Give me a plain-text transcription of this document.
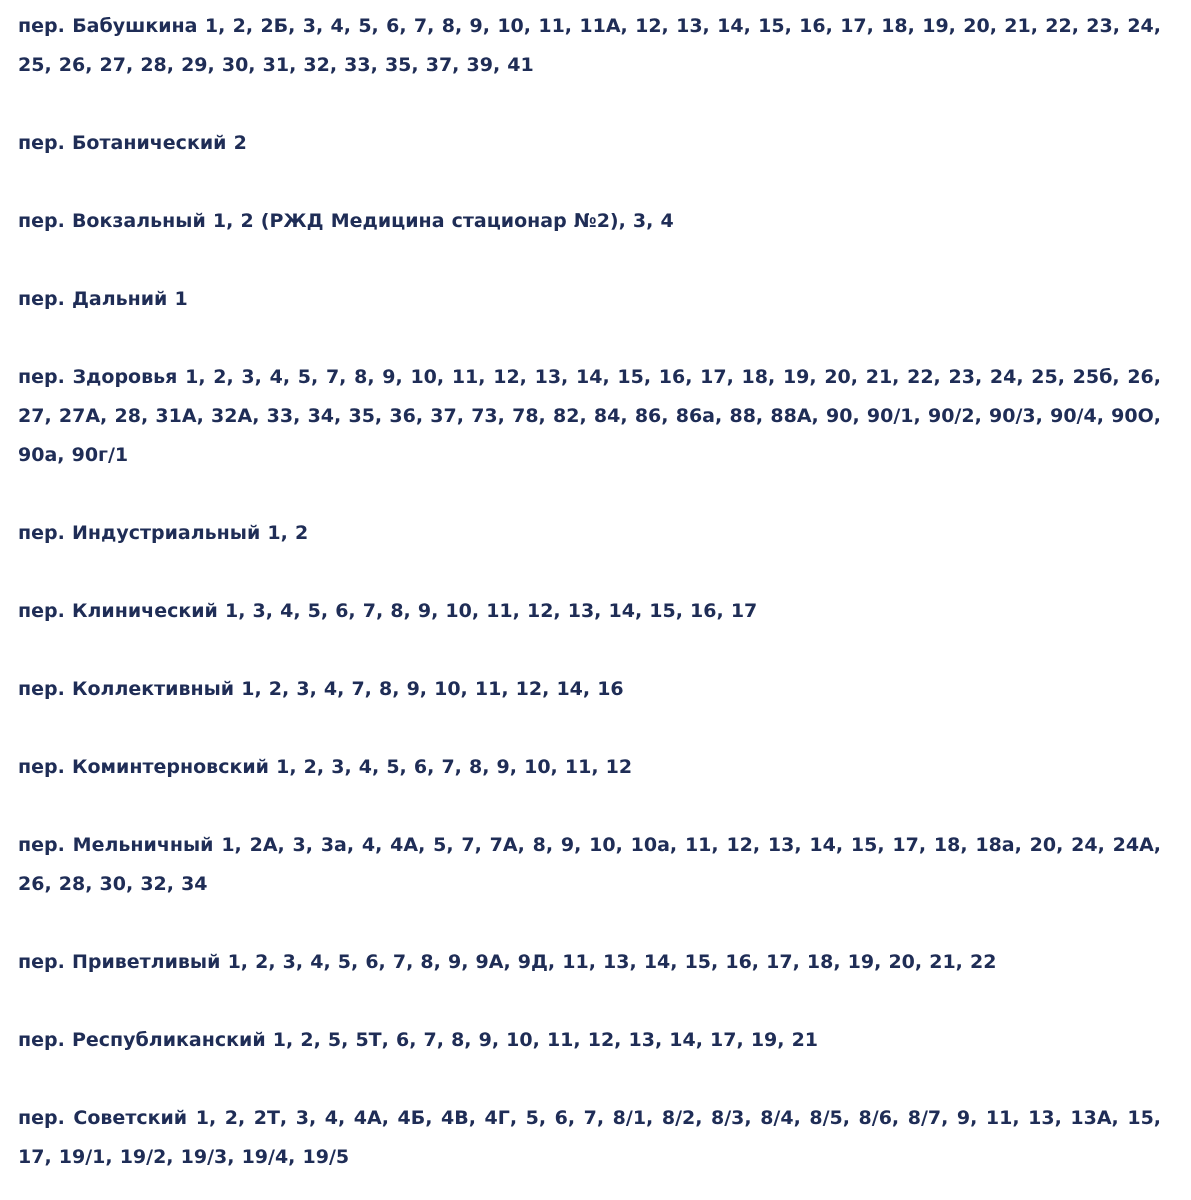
пер. Бабушкина 1, 2, 2Б, 3, 4, 5, 6, 7, 8, 9, 10, 11, 11А, 12, 13, 14, 15, 16, 17, 18, 19, 20, 21, 22, 23, 24, 25, 26, 27, 28, 29, 30, 31, 32, 33, 35, 37, 39, 41

пер. Ботанический 2

пер. Вокзальный 1, 2 (РЖД Медицина стационар №2), 3, 4

пер. Дальний 1

пер. Здоровья 1, 2, 3, 4, 5, 7, 8, 9, 10, 11, 12, 13, 14, 15, 16, 17, 18, 19, 20, 21, 22, 23, 24, 25, 25б, 26, 27, 27А, 28, 31А, 32А, 33, 34, 35, 36, 37, 73, 78, 82, 84, 86, 86а, 88, 88А, 90, 90/1, 90/2, 90/3, 90/4, 90О, 90а, 90г/1

пер. Индустриальный 1, 2

пер. Клинический 1, 3, 4, 5, 6, 7, 8, 9, 10, 11, 12, 13, 14, 15, 16, 17

пер. Коллективный 1, 2, 3, 4, 7, 8, 9, 10, 11, 12, 14, 16

пер. Коминтерновский 1, 2, 3, 4, 5, 6, 7, 8, 9, 10, 11, 12

пер. Мельничный 1, 2А, 3, 3а, 4, 4А, 5, 7, 7А, 8, 9, 10, 10а, 11, 12, 13, 14, 15, 17, 18, 18а, 20, 24, 24А, 26, 28, 30, 32, 34

пер. Приветливый 1, 2, 3, 4, 5, 6, 7, 8, 9, 9А, 9Д, 11, 13, 14, 15, 16, 17, 18, 19, 20, 21, 22

пер. Республиканский 1, 2, 5, 5Т, 6, 7, 8, 9, 10, 11, 12, 13, 14, 17, 19, 21

пер. Советский 1, 2, 2Т, 3, 4, 4А, 4Б, 4В, 4Г, 5, 6, 7, 8/1, 8/2, 8/3, 8/4, 8/5, 8/6, 8/7, 9, 11, 13, 13А, 15, 17, 19/1, 19/2, 19/3, 19/4, 19/5
